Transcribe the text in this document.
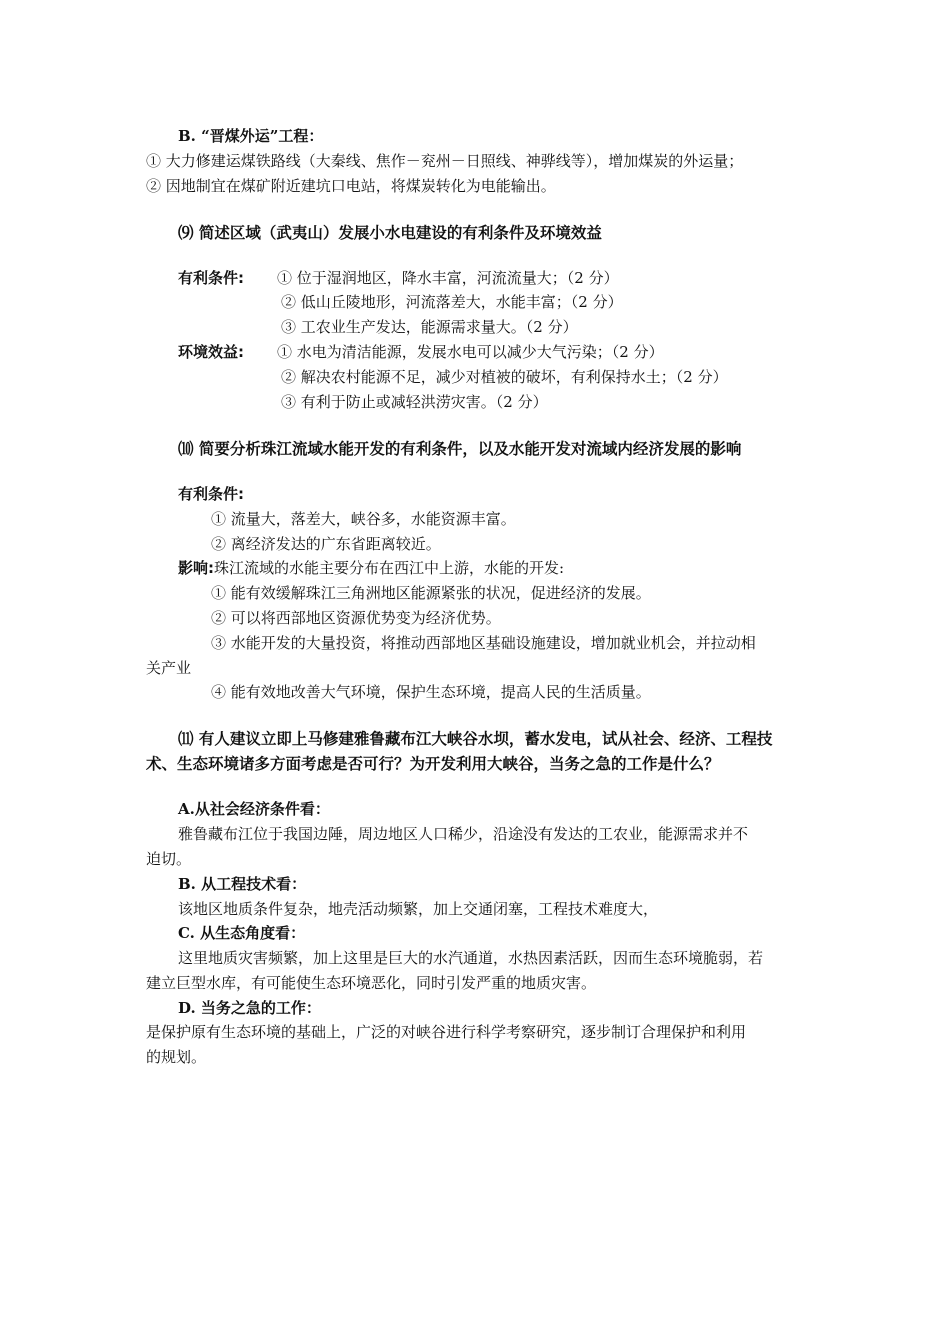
B. “晋煤外运”工程：
① 大力修建运煤铁路线（大秦线、焦作－兖州－日照线、神骅线等），增加煤炭的外运量；
② 因地制宜在煤矿附近建坑口电站，将煤炭转化为电能输出。
⑼ 简述区域（武夷山）发展小水电建设的有利条件及环境效益
有利条件: ① 位于湿润地区，降水丰富，河流流量大；（2 分）
② 低山丘陵地形，河流落差大，水能丰富；（2 分）
③ 工农业生产发达，能源需求量大。（2 分）
环境效益: ① 水电为清洁能源，发展水电可以减少大气污染；（2 分）
② 解决农村能源不足，减少对植被的破坏，有利保持水土；（2 分）
③ 有利于防止或减轻洪涝灾害。（2 分）
⑽ 简要分析珠江流域水能开发的有利条件，以及水能开发对流域内经济发展的影响
有利条件:
① 流量大，落差大，峡谷多，水能资源丰富。
② 离经济发达的广东省距离较近。
影响:珠江流域的水能主要分布在西江中上游，水能的开发:
① 能有效缓解珠江三角洲地区能源紧张的状况，促进经济的发展。
② 可以将西部地区资源优势变为经济优势。
③ 水能开发的大量投资，将推动西部地区基础设施建设，增加就业机会，并拉动相
关产业
④ 能有效地改善大气环境，保护生态环境，提高人民的生活质量。
⑾ 有人建议立即上马修建雅鲁藏布江大峡谷水坝，蓄水发电，试从社会、经济、工程技
术、生态环境诸多方面考虑是否可行？为开发利用大峡谷，当务之急的工作是什么？
A.从社会经济条件看：
雅鲁藏布江位于我国边陲，周边地区人口稀少，沿途没有发达的工农业，能源需求并不
迫切。
B. 从工程技术看：
该地区地质条件复杂，地壳活动频繁，加上交通闭塞，工程技术难度大，
C. 从生态角度看：
这里地质灾害频繁，加上这里是巨大的水汽通道，水热因素活跃，因而生态环境脆弱，若
建立巨型水库，有可能使生态环境恶化，同时引发严重的地质灾害。
D. 当务之急的工作：
是保护原有生态环境的基础上，广泛的对峡谷进行科学考察研究，逐步制订合理保护和利用
的规划。
